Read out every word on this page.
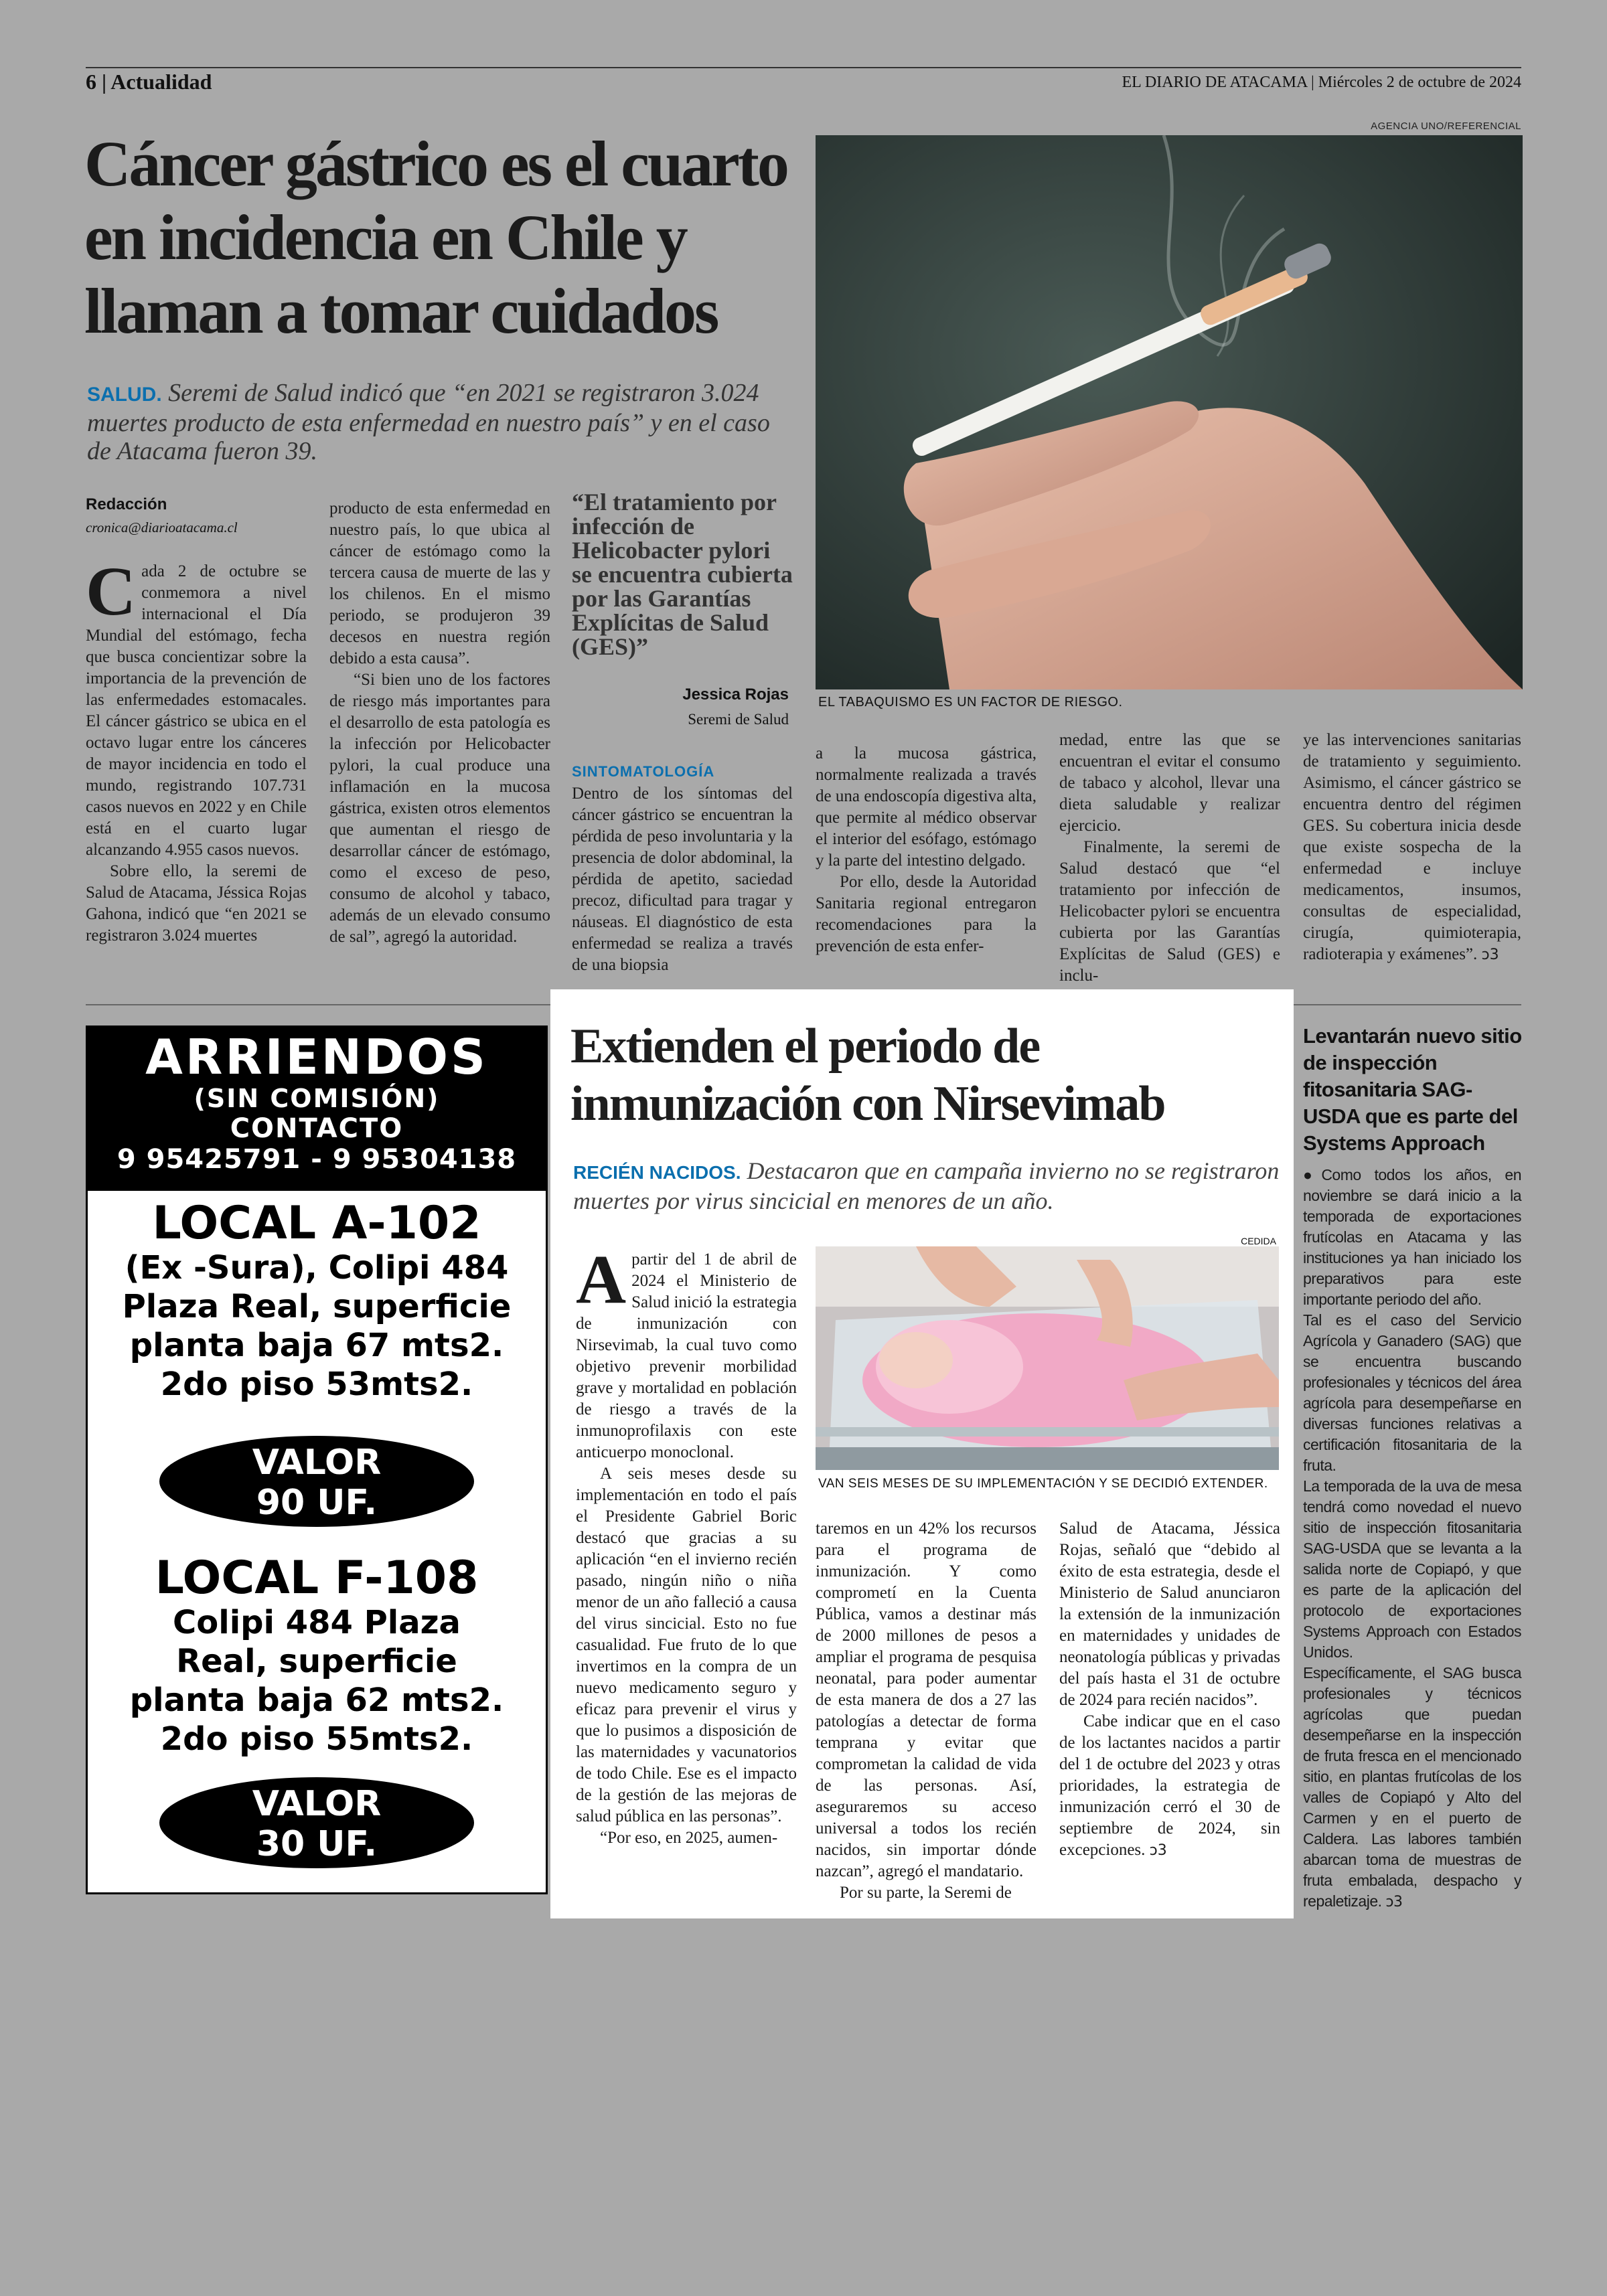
6 | Actualidad	EL DIARIO DE ATACAMA | Miércoles 2 de octubre de 2024
Cáncer gástrico es el cuarto en incidencia en Chile y llaman a tomar cuidados
SALUD. Seremi de Salud indicó que “en 2021 se registraron 3.024 muertes producto de esta enfermedad en nuestro país” y en el caso de Atacama fueron 39.
AGENCIA UNO/REFERENCIAL
EL TABAQUISMO ES UN FACTOR DE RIESGO.
Redacción
cronica@diarioatacama.cl

Cada 2 de octubre se conmemora a nivel internacional el Día Mundial del estómago, fecha que busca concientizar sobre la importancia de la prevención de las enfermedades estomacales. El cáncer gástrico se ubica en el octavo lugar entre los cánceres de mayor incidencia en todo el mundo, registrando 107.731 casos nuevos en 2022 y en Chile está en el cuarto lugar alcanzando 4.955 casos nuevos.

Sobre ello, la seremi de Salud de Atacama, Jéssica Rojas Gahona, indicó que “en 2021 se registraron 3.024 muertes

producto de esta enfermedad en nuestro país, lo que ubica al cáncer de estómago como la tercera causa de muerte de las y los chilenos. En el mismo periodo, se produjeron 39 decesos en nuestra región debido a esta causa”.

“Si bien uno de los factores de riesgo más importantes para el desarrollo de esta patología es la infección por Helicobacter pylori, la cual produce una inflamación en la mucosa gástrica, existen otros elementos que aumentan el riesgo de desarrollar cáncer de estómago, como el exceso de peso, consumo de alcohol y tabaco, además de un elevado consumo de sal”, agregó la autoridad.

“El tratamiento por infección de Helicobacter pylori se encuentra cubierta por las Garantías Explícitas de Salud (GES)”
Jessica Rojas
Seremi de Salud
SINTOMATOLOGÍA

Dentro de los síntomas del cáncer gástrico se encuentran la pérdida de peso involuntaria y la presencia de dolor abdominal, la pérdida de apetito, saciedad precoz, dificultad para tragar y náuseas. El diagnóstico de esta enfermedad se realiza a través de una biopsia

a la mucosa gástrica, normalmente realizada a través de una endoscopía digestiva alta, que permite al médico observar el interior del esófago, estómago y la parte del intestino delgado.

Por ello, desde la Autoridad Sanitaria regional entregaron recomendaciones para la prevención de esta enfer-

medad, entre las que se encuentran el evitar el consumo de tabaco y alcohol, llevar una dieta saludable y realizar ejercicio.

Finalmente, la seremi de Salud destacó que “el tratamiento por infección de Helicobacter pylori se encuentra cubierta por las Garantías Explícitas de Salud (GES) e inclu-

ye las intervenciones sanitarias de tratamiento y seguimiento. Asimismo, el cáncer gástrico se encuentra dentro del régimen GES. Su cobertura inicia desde que existe sospecha de la enfermedad e incluye medicamentos, insumos, consultas de especialidad, cirugía, quimioterapia, radioterapia y exámenes”. ↄ3

ARRIENDOS
(SIN COMISIÓN)
CONTACTO
9 95425791 - 9 95304138
LOCAL A-102
(Ex -Sura), Colipi 484 Plaza Real, superficie planta baja 67 mts2. 2do piso 53mts2.
VALOR
90 UF.
LOCAL F-108
Colipi 484 Plaza Real, superficie planta baja 62 mts2. 2do piso 55mts2.
VALOR
30 UF.
Extienden el periodo de inmunización con Nirsevimab
RECIÉN NACIDOS. Destacaron que en campaña invierno no se registraron muertes por virus sincicial en menores de un año.
CEDIDA
VAN SEIS MESES DE SU IMPLEMENTACIÓN Y SE DECIDIÓ EXTENDER.

Apartir del 1 de abril de 2024 el Ministerio de Salud inició la estrategia de inmunización con Nirsevimab, la cual tuvo como objetivo prevenir morbilidad grave y mortalidad en población de riesgo a través de la inmunoprofilaxis con este anticuerpo monoclonal.

A seis meses desde su implementación en todo el país el Presidente Gabriel Boric destacó que gracias a su aplicación “en el invierno recién pasado, ningún niño o niña menor de un año falleció a causa del virus sincicial. Esto no fue casualidad. Fue fruto de lo que invertimos en la compra de un nuevo medicamento seguro y eficaz para prevenir el virus y que lo pusimos a disposición de las maternidades y vacunatorios de todo Chile. Ese es el impacto de la gestión de las mejoras de salud pública en las personas”.

“Por eso, en 2025, aumen-

taremos en un 42% los recursos para el programa de inmunización. Y como comprometí en la Cuenta Pública, vamos a destinar más de 2000 millones de pesos a ampliar el programa de pesquisa neonatal, para poder aumentar de esta manera de dos a 27 las patologías a detectar de forma temprana y evitar que comprometan la calidad de vida de las personas. Así, aseguraremos su acceso universal a todos los recién nacidos, sin importar dónde nazcan”, agregó el mandatario.

Por su parte, la Seremi de

Salud de Atacama, Jéssica Rojas, señaló que “debido al éxito de esta estrategia, desde el Ministerio de Salud anunciaron la extensión de la inmunización en maternidades y unidades de neonatología públicas y privadas del país hasta el 31 de octubre de 2024 para recién nacidos”.

Cabe indicar que en el caso de los lactantes nacidos a partir del 1 de octubre del 2023 y otras prioridades, la estrategia de inmunización cerró el 30 de septiembre de 2024, sin excepciones. ↄ3

Levantarán nuevo sitio de inspección fitosanitaria SAG-USDA que es parte del Systems Approach

●Como todos los años, en noviembre se dará inicio a la temporada de exportaciones frutícolas en Atacama y las instituciones ya han iniciado los preparativos para este importante periodo del año.

Tal es el caso del Servicio Agrícola y Ganadero (SAG) que se encuentra buscando profesionales y técnicos del área agrícola para desempeñarse en diversas funciones relativas a certificación fitosanitaria de la fruta.

La temporada de la uva de mesa tendrá como novedad el nuevo sitio de inspección fitosanitaria SAG-USDA que se levanta a la salida norte de Copiapó, y que es parte de la aplicación del protocolo de exportaciones Systems Approach con Estados Unidos.

Específicamente, el SAG busca profesionales y técnicos agrícolas que puedan desempeñarse en la inspección de fruta fresca en el mencionado sitio, en plantas frutícolas de los valles de Copiapó y Alto del Carmen y en el puerto de Caldera. Las labores también abarcan toma de muestras de fruta embalada, despacho y repaletizaje. ↄ3
